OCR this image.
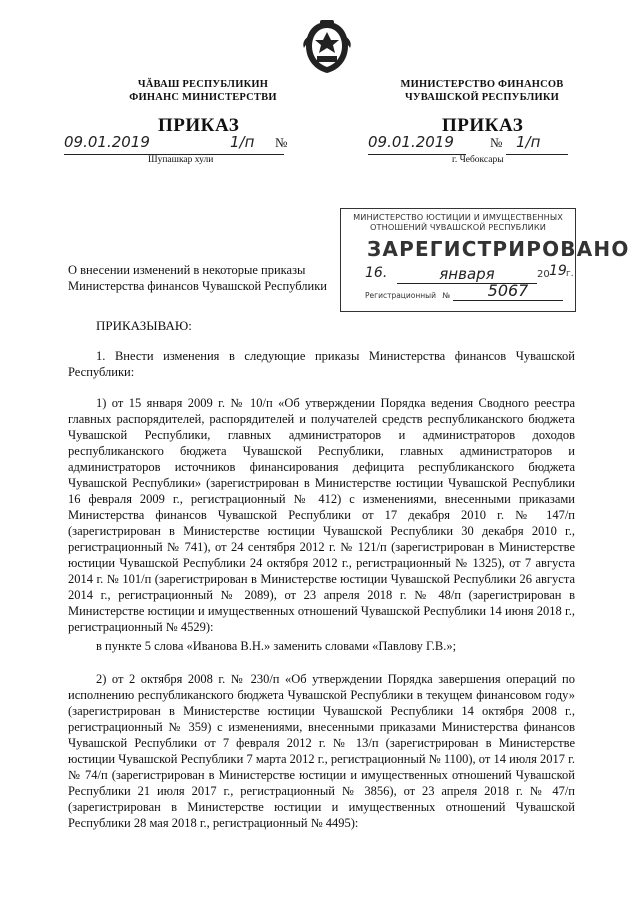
ЧĂВАШ РЕСПУБЛИКИН
ФИНАНС МИНИСТЕРСТВИ
ПРИКАЗ
09.01.2019	1/п №
Шупашкар хули
МИНИСТЕРСТВО ФИНАНСОВ
ЧУВАШСКОЙ РЕСПУБЛИКИ
ПРИКАЗ
09.01.2019	№ 1/п
г. Чебоксары
МИНИСТЕРСТВО ЮСТИЦИИ И ИМУЩЕСТВЕННЫХ
ОТНОШЕНИЙ ЧУВАШСКОЙ РЕСПУБЛИКИ
ЗАРЕГИСТРИРОВАНО
16.	января	20 19 г.
Регистрационный №	5067
О внесении изменений в некоторые приказы Министерства финансов Чувашской Республики
ПРИКАЗЫВАЮ:

1. Внести изменения в следующие приказы Министерства финансов Чувашской Республики:

1) от 15 января 2009 г. № 10/п «Об утверждении Порядка ведения Сводного реестра главных распорядителей, распорядителей и получателей средств республиканского бюджета Чувашской Республики, главных администраторов и администраторов доходов республиканского бюджета Чувашской Республики, главных администраторов и администраторов источников финансирования дефицита республиканского бюджета Чувашской Республики» (зарегистрирован в Министерстве юстиции Чувашской Республики 16 февраля 2009 г., регистрационный № 412) с изменениями, внесенными приказами Министерства финансов Чувашской Республики от 17 декабря 2010 г. № 147/п (зарегистрирован в Министерстве юстиции Чувашской Республики 30 декабря 2010 г., регистрационный № 741), от 24 сентября 2012 г. № 121/п (зарегистрирован в Министерстве юстиции Чувашской Республики 24 октября 2012 г., регистрационный № 1325), от 7 августа 2014 г. № 101/п (зарегистрирован в Министерстве юстиции Чувашской Республики 26 августа 2014 г., регистрационный № 2089), от 23 апреля 2018 г. № 48/п (зарегистрирован в Министерстве юстиции и имущественных отношений Чувашской Республики 14 июня 2018 г., регистрационный № 4529):

в пункте 5 слова «Иванова В.Н.» заменить словами «Павлову Г.В.»;

2) от 2 октября 2008 г. № 230/п «Об утверждении Порядка завершения операций по исполнению республиканского бюджета Чувашской Республики в текущем финансовом году» (зарегистрирован в Министерстве юстиции Чувашской Республики 14 октября 2008 г., регистрационный № 359) с изменениями, внесенными приказами Министерства финансов Чувашской Республики от 7 февраля 2012 г. № 13/п (зарегистрирован в Министерстве юстиции Чувашской Республики 7 марта 2012 г., регистрационный № 1100), от 14 июля 2017 г. № 74/п (зарегистрирован в Министерстве юстиции и имущественных отношений Чувашской Республики 21 июля 2017 г., регистрационный № 3856), от 23 апреля 2018 г. № 47/п (зарегистрирован в Министерстве юстиции и имущественных отношений Чувашской Республики 28 мая 2018 г., регистрационный № 4495):
